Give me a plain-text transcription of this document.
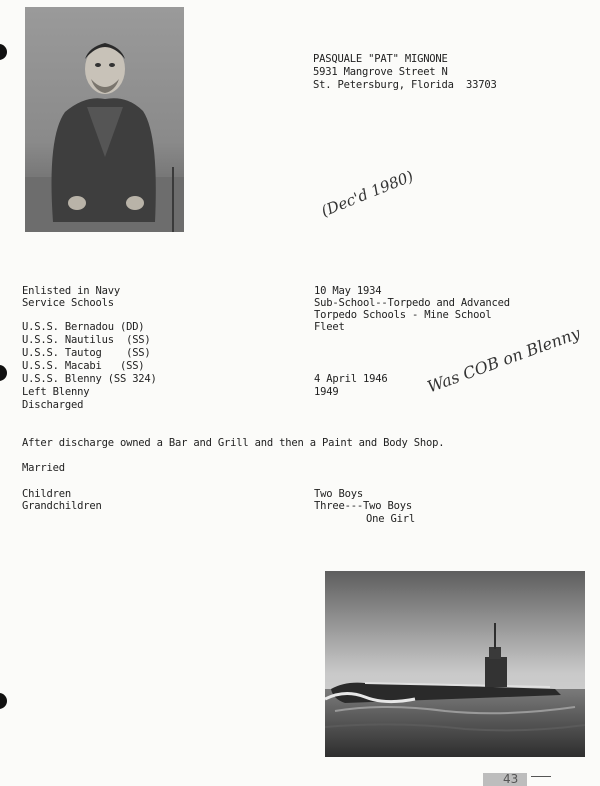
PASQUALE "PAT" MIGNONE
5931 Mangrove Street N
St. Petersburg, Florida  33703
(Dec'd 1980)
Was COB on Blenny
Enlisted in Navy
Service Schools
U.S.S. Bernadou (DD)
U.S.S. Nautilus  (SS)
U.S.S. Tautog    (SS)
U.S.S. Macabi   (SS)
U.S.S. Blenny (SS 324)
Left Blenny
Discharged
10 May 1934
Sub-School--Torpedo and Advanced
Torpedo Schools - Mine School
Fleet
4 April 1946
1949
After discharge owned a Bar and Grill and then a Paint and Body Shop.
Married
Children
Grandchildren
Two Boys
Three---Two Boys
One Girl
43
